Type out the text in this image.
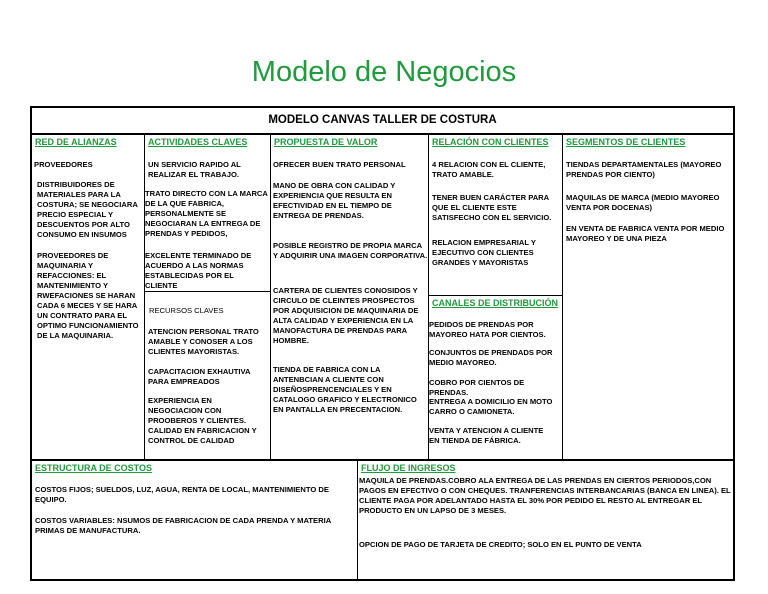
Modelo de Negocios
MODELO CANVAS TALLER DE COSTURA
RED DE ALIANZAS

PROVEEDORES

DISTRIBUIDORES DE MATERIALES PARA LA COSTURA; SE NEGOCIARA PRECIO ESPECIAL Y DESCUENTOS POR ALTO CONSUMO EN INSUMOS

PROVEEDORES DE MAQUINARIA Y REFACCIONES: EL MANTENIMIENTO Y RWEFACIONES SE HARAN CADA 6 MECES Y SE HARA UN CONTRATO PARA EL OPTIMO FUNCIONAMIENTO DE LA MAQUINARIA.

ACTIVIDADES CLAVES

UN SERVICIO RAPIDO AL REALIZAR EL TRABAJO.

TRATO DIRECTO CON LA MARCA DE LA QUE FABRICA, PERSONALMENTE SE NEGOCIARAN LA ENTREGA DE PRENDAS Y PEDIDOS,

EXCELENTE TERMINADO DE ACUERDO A LAS NORMAS ESTABLECIDAS POR EL CLIENTE

RECURSOS CLAVES

ATENCION PERSONAL TRATO AMABLE Y CONOSER A LOS CLIENTES MAYORISTAS.

CAPACITACION EXHAUTIVA PARA EMPREADOS

EXPERIENCIA EN NEGOCIACION CON PROOBEROS Y CLIENTES.

CALIDAD EN FABRICACION Y CONTROL DE CALIDAD

PROPUESTA DE VALOR

OFRECER BUEN TRATO PERSONAL

MANO DE OBRA CON CALIDAD Y EXPERIENCIA QUE RESULTA EN EFECTIVIDAD EN EL TIEMPO DE ENTREGA DE PRENDAS.

POSIBLE REGISTRO DE PROPIA MARCA Y ADQUIRIR UNA IMAGEN CORPORATIVA.

CARTERA DE CLIENTES CONOSIDOS Y CIRCULO DE CLEINTES PROSPECTOS POR ADQUISICION DE MAQUINARIA DE ALTA CALIDAD Y EXPERIENCIA EN LA MANOFACTURA DE PRENDAS PARA HOMBRE.

TIENDA DE FABRICA CON LA ANTENBCIAN A CLIENTE CON DISEÑOSPRENCENCIALES Y EN CATALOGO GRAFICO Y ELECTRONICO EN PANTALLA EN PRECENTACION.

RELACIÓN CON CLIENTES

4 RELACION CON EL CLIENTE, TRATO AMABLE.

TENER BUEN CARÁCTER PARA QUE EL CLIENTE ESTE SATISFECHO CON EL SERVICIO.

RELACION EMPRESARIAL Y EJECUTIVO CON CLIENTES GRANDES Y MAYORISTAS

CANALES DE DISTRIBUCIÓN

PEDIDOS DE PRENDAS POR MAYOREO HATA POR CIENTOS.

CONJUNTOS DE PRENDADS POR MEDIO MAYOREO.

COBRO POR CIENTOS DE PRENDAS.

ENTREGA A DOMICILIO EN MOTO CARRO O CAMIONETA.

VENTA Y ATENCION A CLIENTE EN TIENDA DE FÁBRICA.

SEGMENTOS DE CLIENTES

TIENDAS DEPARTAMENTALES (MAYOREO PRENDAS POR CIENTO)

MAQUILAS DE MARCA (MEDIO MAYOREO VENTA POR DOCENAS)

EN VENTA DE FABRICA VENTA POR MEDIO MAYOREO Y DE UNA PIEZA

ESTRUCTURA DE COSTOS

COSTOS FIJOS; SUELDOS, LUZ, AGUA, RENTA DE LOCAL, MANTENIMIENTO DE EQUIPO.

COSTOS VARIABLES: NSUMOS DE FABRICACION DE CADA PRENDA Y MATERIA PRIMAS DE MANUFACTURA.

FLUJO DE INGRESOS

MAQUILA DE PRENDAS.COBRO ALA ENTREGA DE LAS PRENDAS EN CIERTOS PERIODOS,CON PAGOS EN EFECTIVO O CON CHEQUES. TRANFERENCIAS INTERBANCARIAS (BANCA EN LINEA). EL CLIENTE PAGA POR ADELANTADO HASTA EL 30% POR PEDIDO EL RESTO AL ENTREGAR EL PRODUCTO EN UN LAPSO DE 3 MESES.

OPCION DE PAGO DE TARJETA DE CREDITO; SOLO EN EL PUNTO DE VENTA
